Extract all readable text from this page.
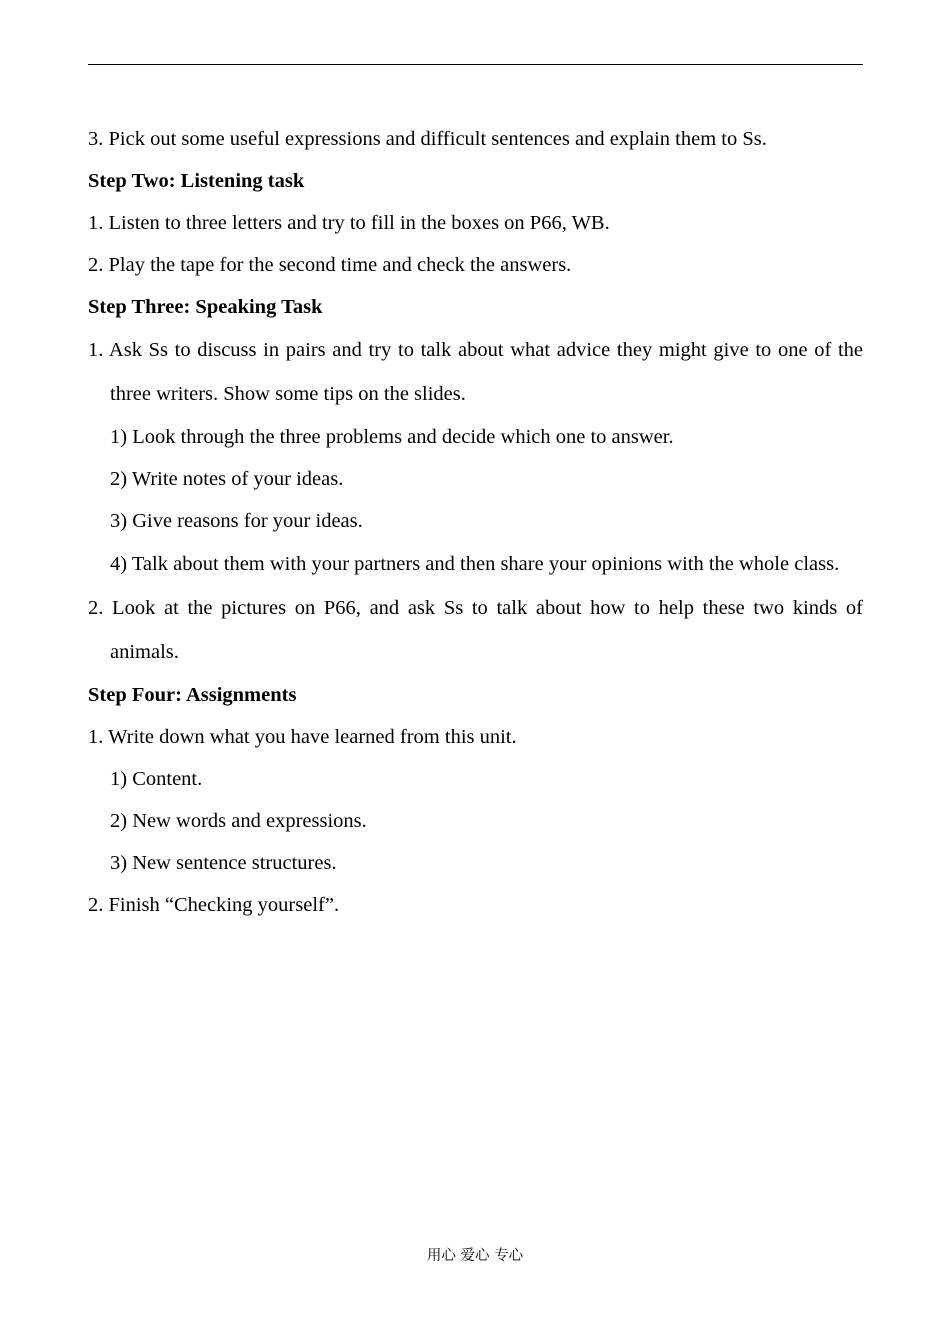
3. Pick out some useful expressions and difficult sentences and explain them to Ss.
Step Two: Listening task
1. Listen to three letters and try to fill in the boxes on P66, WB.
2. Play the tape for the second time and check the answers.
Step Three: Speaking Task
1. Ask Ss to discuss in pairs and try to talk about what advice they might give to one of the three writers. Show some tips on the slides.
1) Look through the three problems and decide which one to answer.
2) Write notes of your ideas.
3) Give reasons for your ideas.
4) Talk about them with your partners and then share your opinions with the whole class.
2. Look at the pictures on P66, and ask Ss to talk about how to help these two kinds of animals.
Step Four: Assignments
1. Write down what you have learned from this unit.
1) Content.
2) New words and expressions.
3) New sentence structures.
2. Finish “Checking yourself”.
用心 爱心 专心
